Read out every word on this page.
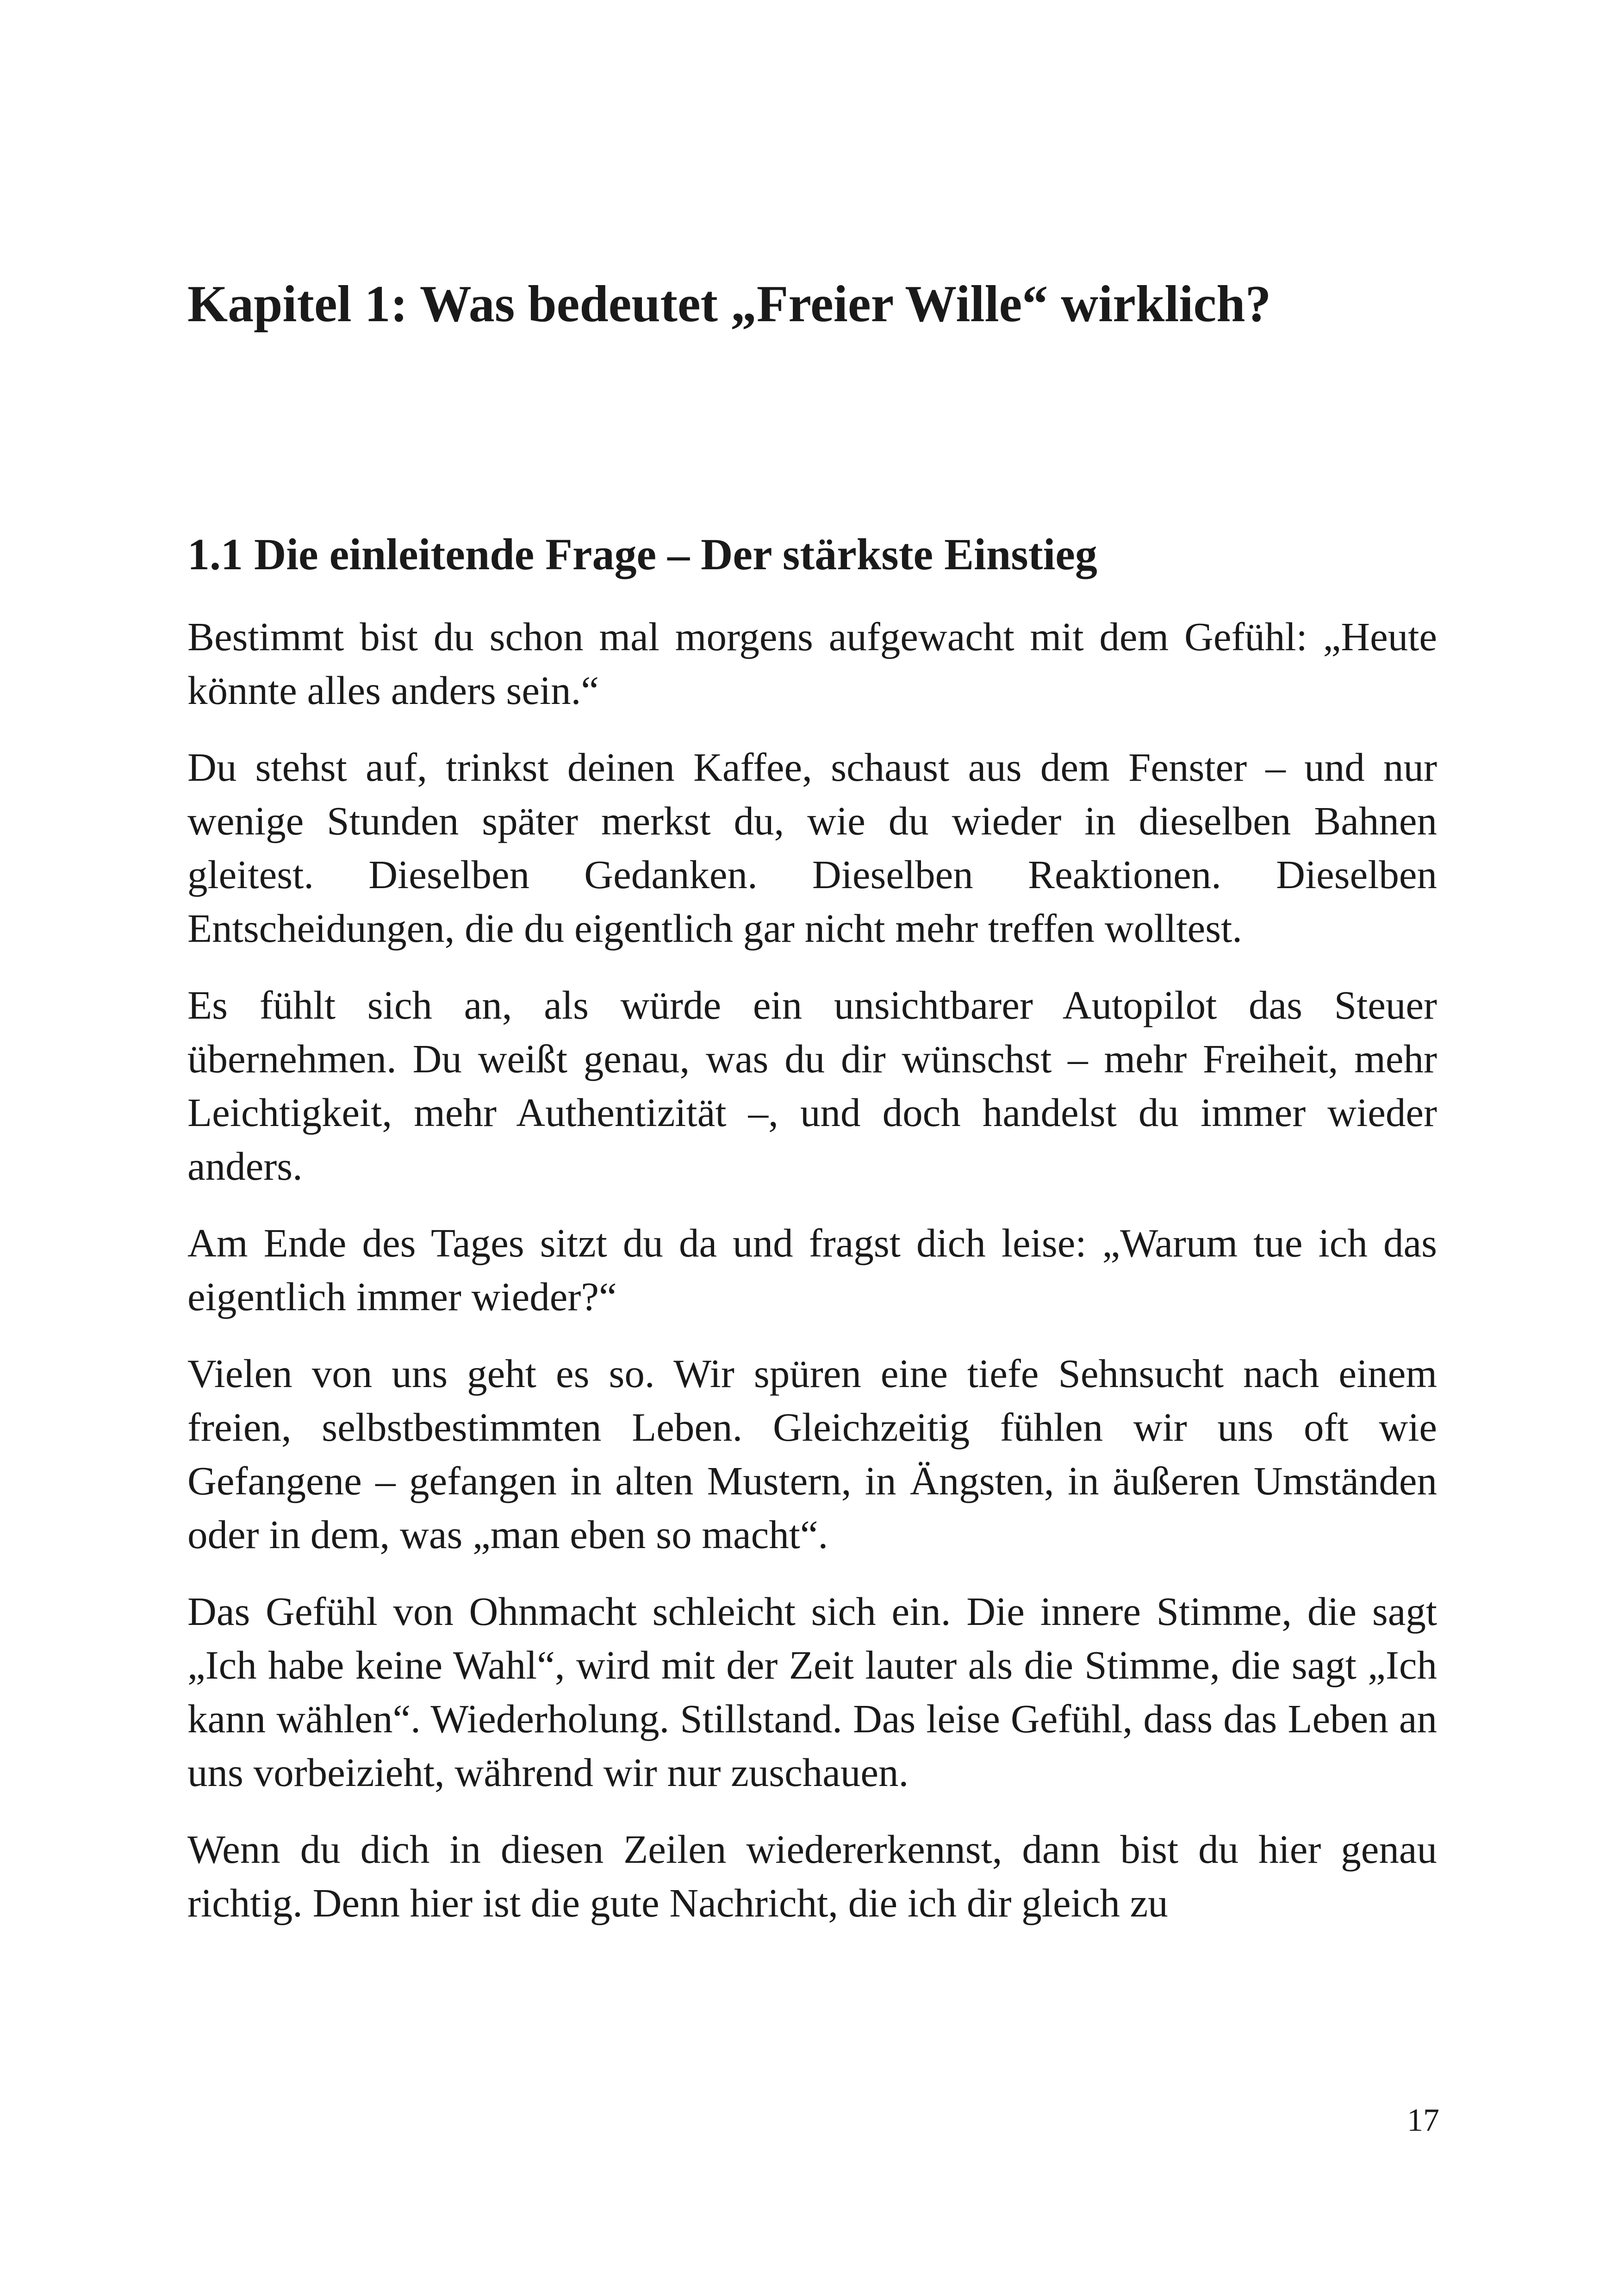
Kapitel 1: Was bedeutet „Freier Wille“ wirklich?
1.1 Die einleitende Frage – Der stärkste Einstieg

Bestimmt bist du schon mal morgens aufgewacht mit dem Gefühl: „Heute könnte alles anders sein.“

Du stehst auf, trinkst deinen Kaffee, schaust aus dem Fenster – und nur wenige Stunden später merkst du, wie du wieder in dieselben Bahnen gleitest. Dieselben Gedanken. Dieselben Reaktionen. Dieselben Entscheidungen, die du eigentlich gar nicht mehr treffen wolltest.

Es fühlt sich an, als würde ein unsichtbarer Autopilot das Steuer übernehmen. Du weißt genau, was du dir wünschst – mehr Freiheit, mehr Leichtigkeit, mehr Authentizität –, und doch handelst du immer wieder anders.

Am Ende des Tages sitzt du da und fragst dich leise: „Warum tue ich das eigentlich immer wieder?“

Vielen von uns geht es so. Wir spüren eine tiefe Sehnsucht nach einem freien, selbstbestimmten Leben. Gleichzeitig fühlen wir uns oft wie Gefangene – gefangen in alten Mustern, in Ängsten, in äußeren Umständen oder in dem, was „man eben so macht“.

Das Gefühl von Ohnmacht schleicht sich ein. Die innere Stimme, die sagt „Ich habe keine Wahl“, wird mit der Zeit lauter als die Stimme, die sagt „Ich kann wählen“. Wiederholung. Stillstand. Das leise Gefühl, dass das Leben an uns vorbeizieht, während wir nur zuschauen.

Wenn du dich in diesen Zeilen wiedererkennst, dann bist du hier genau richtig. Denn hier ist die gute Nachricht, die ich dir gleich zu

17
